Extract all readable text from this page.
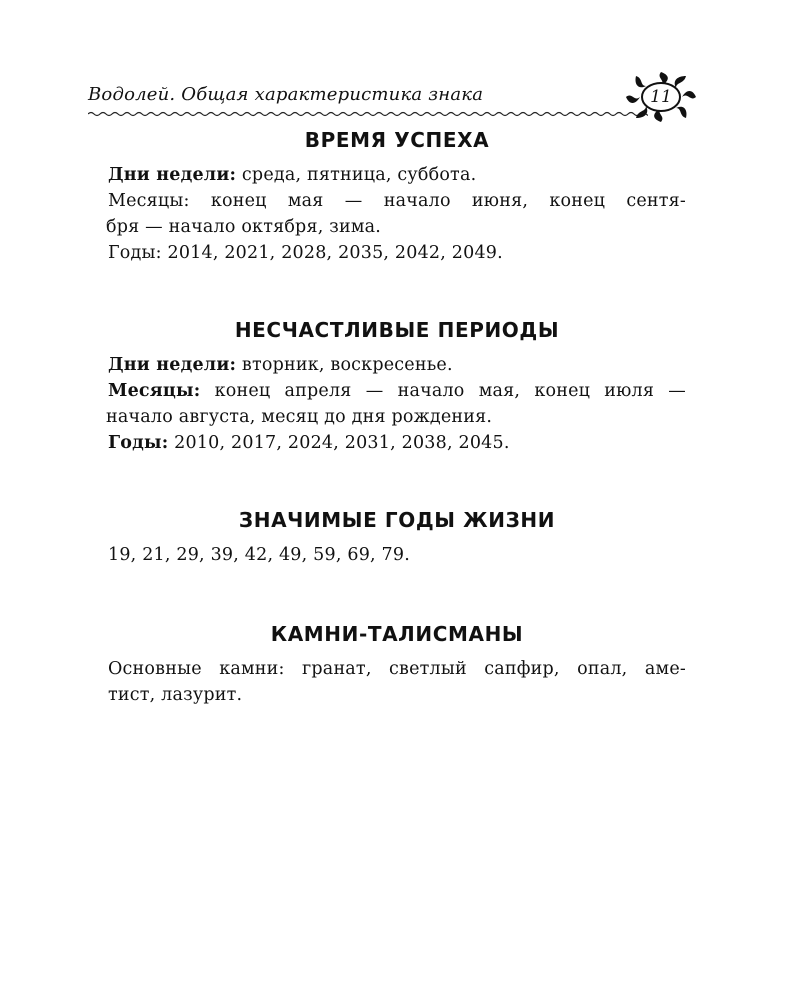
Водолей. Общая характеристика знака	11
ВРЕМЯ УСПЕХА
Дни недели: среда, пятница, суббота.
Месяцы: конец мая — начало июня, конец сентя-
бря — начало октября, зима.
Годы: 2014, 2021, 2028, 2035, 2042, 2049.
НЕСЧАСТЛИВЫЕ ПЕРИОДЫ
Дни недели: вторник, воскресенье.
Месяцы: конец апреля — начало мая, конец июля —
начало августа, месяц до дня рождения.
Годы: 2010, 2017, 2024, 2031, 2038, 2045.
ЗНАЧИМЫЕ ГОДЫ ЖИЗНИ
19, 21, 29, 39, 42, 49, 59, 69, 79.
КАМНИ-ТАЛИСМАНЫ
Основные камни: гранат, светлый сапфир, опал, аме-
тист, лазурит.
